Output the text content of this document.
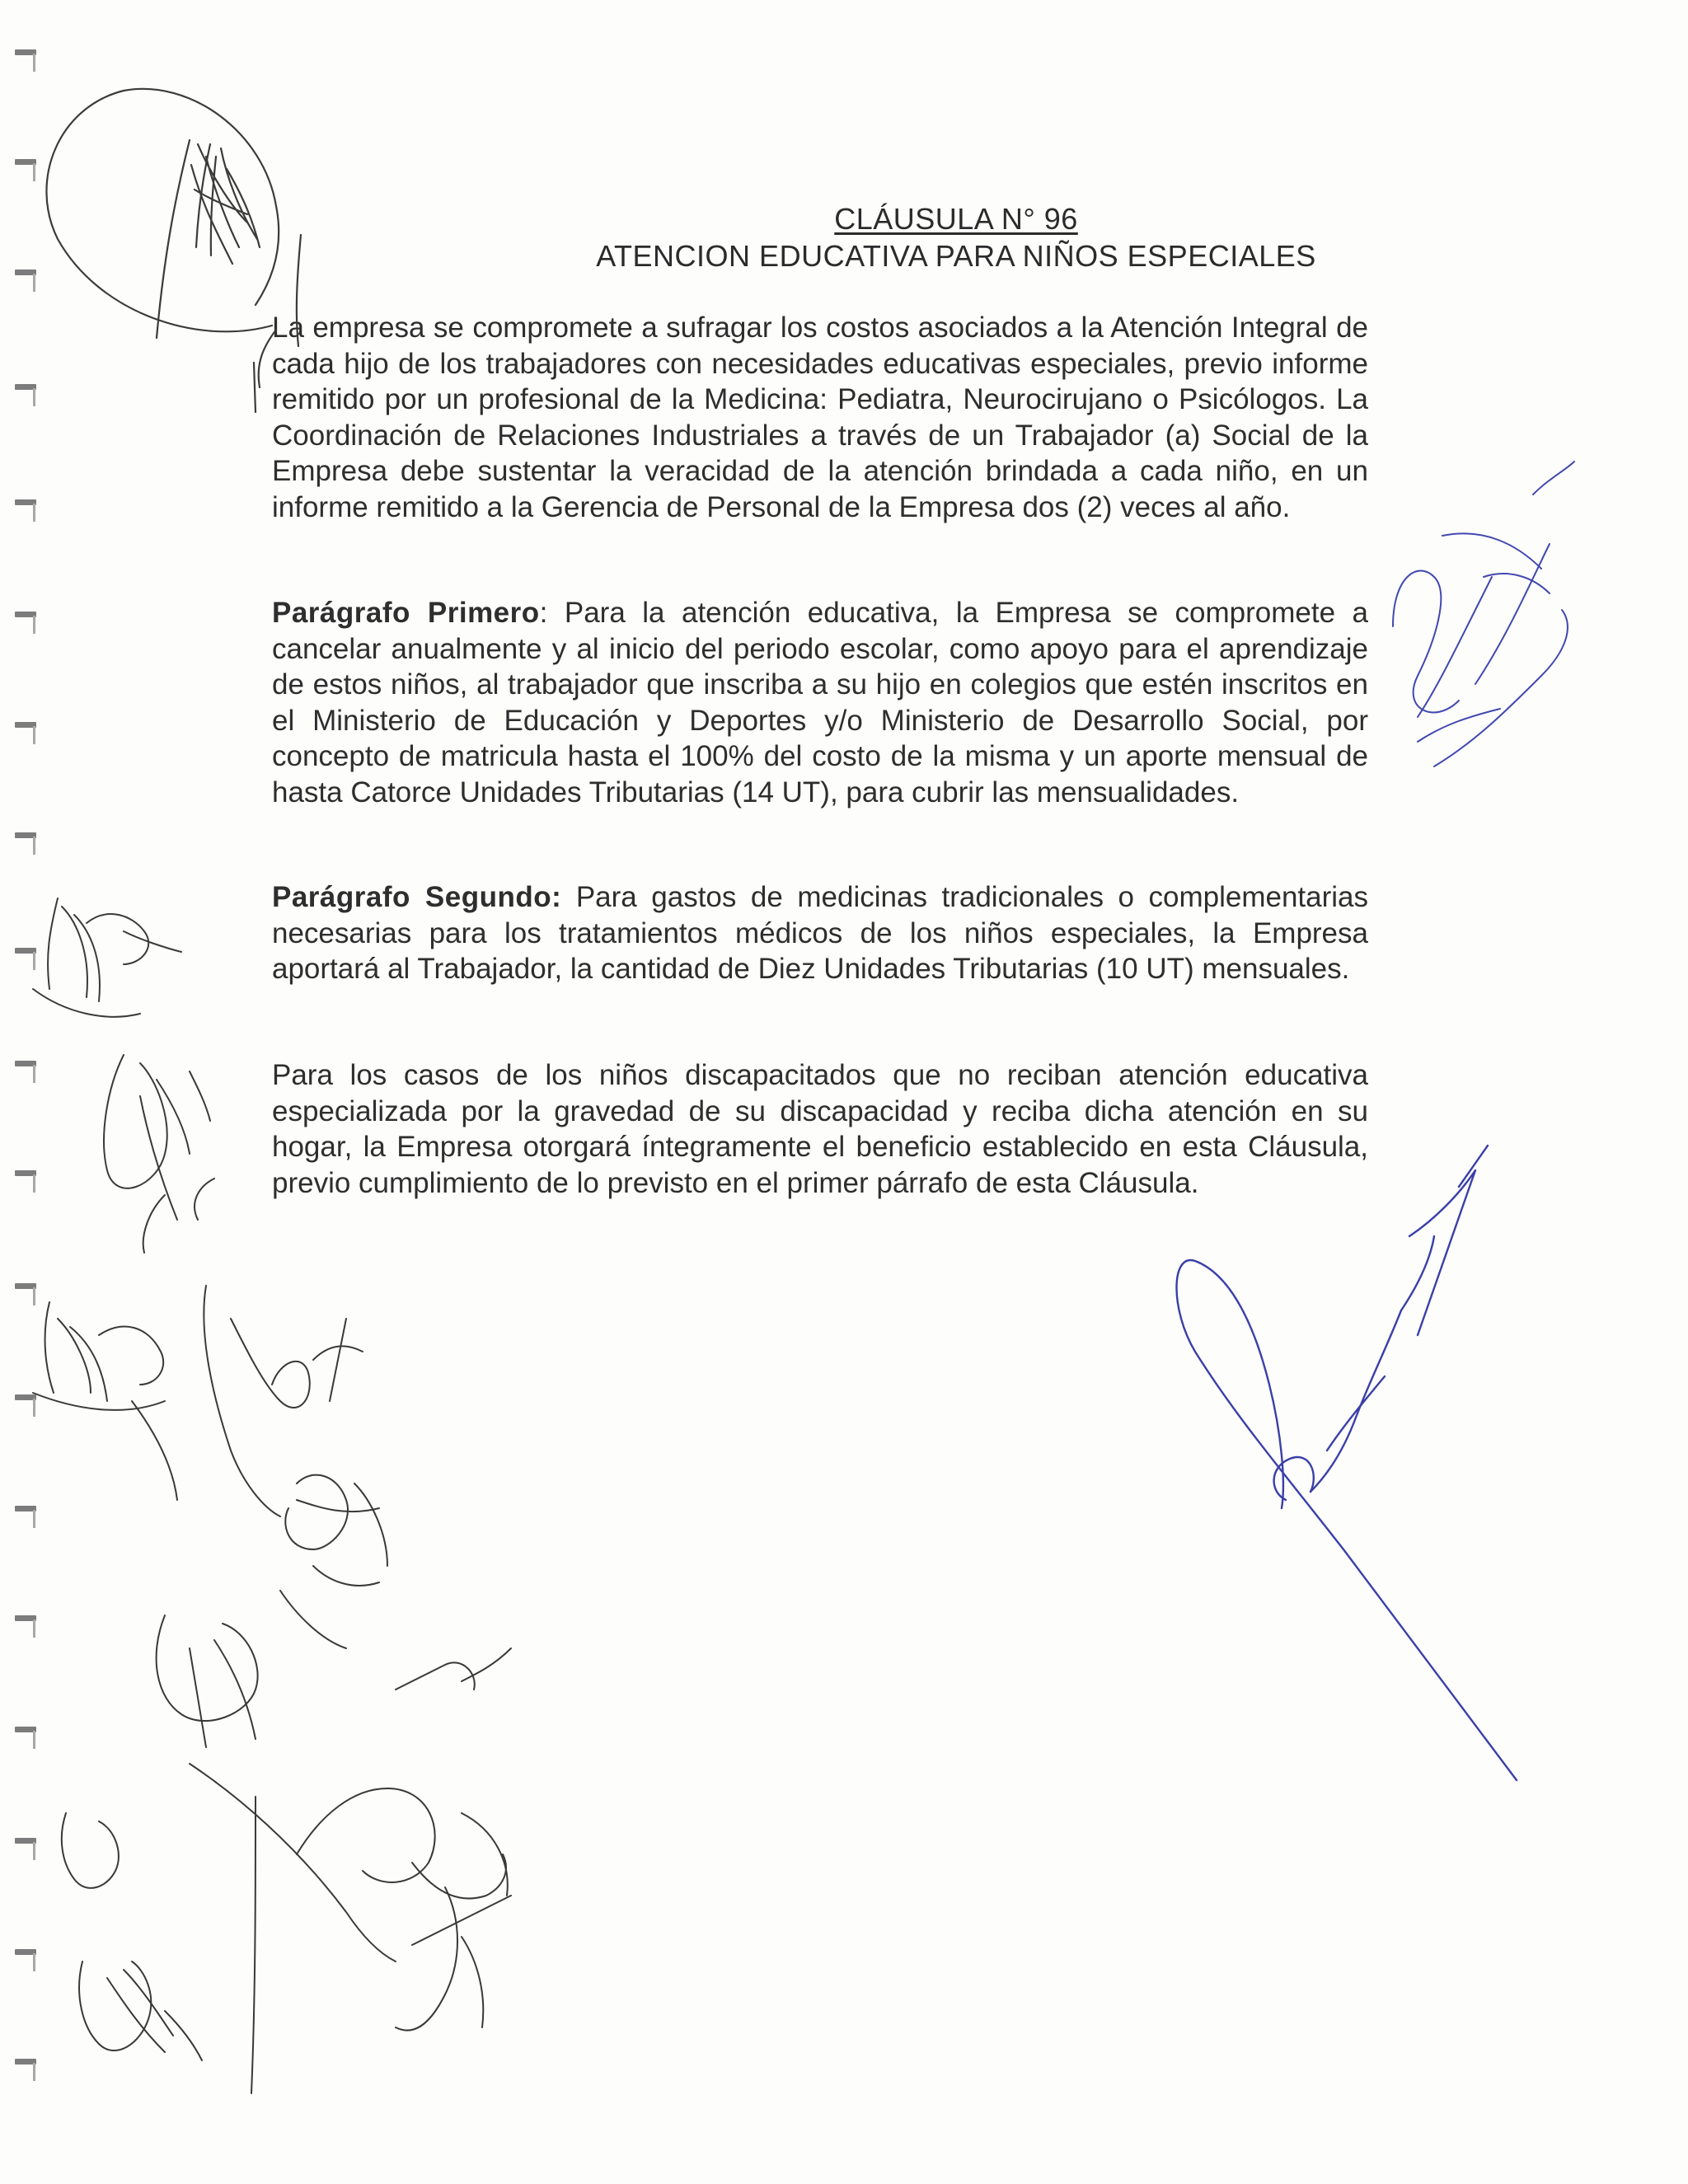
CLÁUSULA N° 96
ATENCION EDUCATIVA PARA NIÑOS ESPECIALES

La empresa se compromete a sufragar los costos asociados a la Atención Integral de cada hijo de los trabajadores con necesidades educativas especiales, previo informe remitido por un profesional de la Medicina: Pediatra, Neurocirujano o Psicólogos. La Coordinación de Relaciones Industriales a través de un Trabajador (a) Social de la Empresa debe sustentar la veracidad de la atención brindada a cada niño, en un informe remitido a la Gerencia de Personal de la Empresa dos (2) veces al año.

Parágrafo Primero: Para la atención educativa, la Empresa se compromete a cancelar anualmente y al inicio del periodo escolar, como apoyo para el aprendizaje de estos niños, al trabajador que inscriba a su hijo en colegios que estén inscritos en el Ministerio de Educación y Deportes y/o Ministerio de Desarrollo Social, por concepto de matricula hasta el 100% del costo de la misma y un aporte mensual de hasta Catorce Unidades Tributarias (14 UT), para cubrir las mensualidades.

Parágrafo Segundo: Para gastos de medicinas tradicionales o complementarias necesarias para los tratamientos médicos de los niños especiales, la Empresa aportará al Trabajador, la cantidad de Diez Unidades Tributarias (10 UT) mensuales.

Para los casos de los niños discapacitados que no reciban atención educativa especializada por la gravedad de su discapacidad y reciba dicha atención en su hogar, la Empresa otorgará íntegramente el beneficio establecido en esta Cláusula, previo cumplimiento de lo previsto en el primer párrafo de esta Cláusula.
